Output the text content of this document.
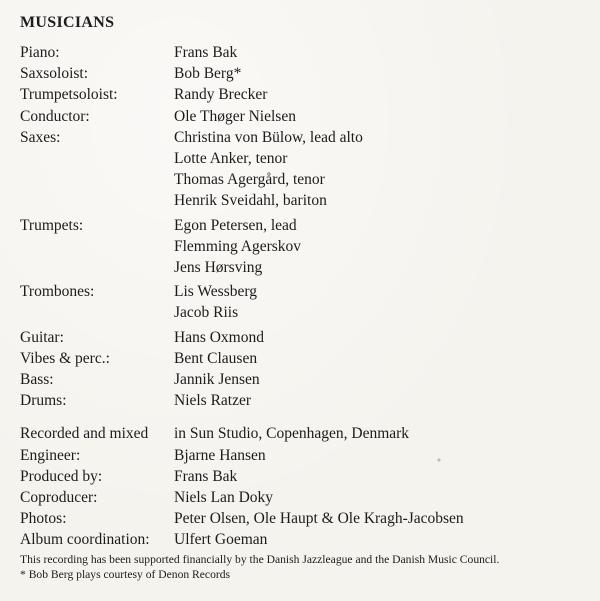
MUSICIANS
Piano:	Frans Bak
Saxsoloist:	Bob Berg*
Trumpetsoloist:	Randy Brecker
Conductor:	Ole Thøger Nielsen
Saxes:	Christina von Bülow, lead alto
Lotte Anker, tenor
Thomas Agergård, tenor
Henrik Sveidahl, bariton
Trumpets:	Egon Petersen, lead
Flemming Agerskov
Jens Hørsving
Trombones:	Lis Wessberg
Jacob Riis
Guitar:	Hans Oxmond
Vibes & perc.:	Bent Clausen
Bass:	Jannik Jensen
Drums:	Niels Ratzer
Recorded and mixed	in Sun Studio, Copenhagen, Denmark
Engineer:	Bjarne Hansen
Produced by:	Frans Bak
Coproducer:	Niels Lan Doky
Photos:	Peter Olsen, Ole Haupt & Ole Kragh-Jacobsen
Album coordination:	Ulfert Goeman
This recording has been supported financially by the Danish Jazzleague and the Danish Music Council.
* Bob Berg plays courtesy of Denon Records
